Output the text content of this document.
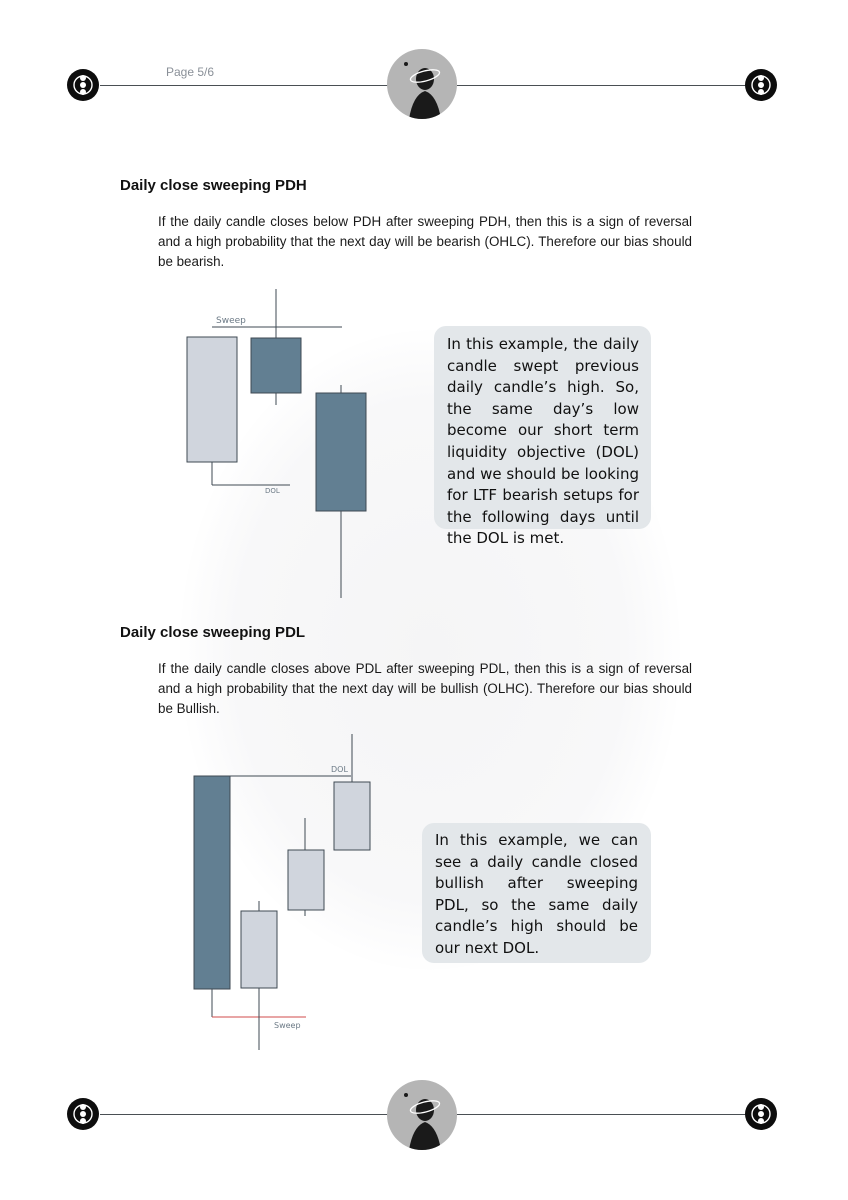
Page 5/6
Daily close sweeping PDH

If the daily candle closes below PDH after sweeping PDH, then this is a sign of reversal and a high probability that the next day will be bearish (OHLC). Therefore our bias should be bearish.

Sweep
DOL
In this example, the daily candle swept previous daily candle’s high. So, the same day’s low become our short term liquidity objective (DOL) and we should be looking for LTF bearish setups for the following days until the DOL is met.
Daily close sweeping PDL

If the daily candle closes above PDL after sweeping PDL, then this is a sign of reversal and a high probability that the next day will be bullish (OLHC). Therefore our bias should be Bullish.

DOL
Sweep
In this example, we can see a daily candle closed bullish after sweeping PDL, so the same daily candle’s high should be our next DOL.
